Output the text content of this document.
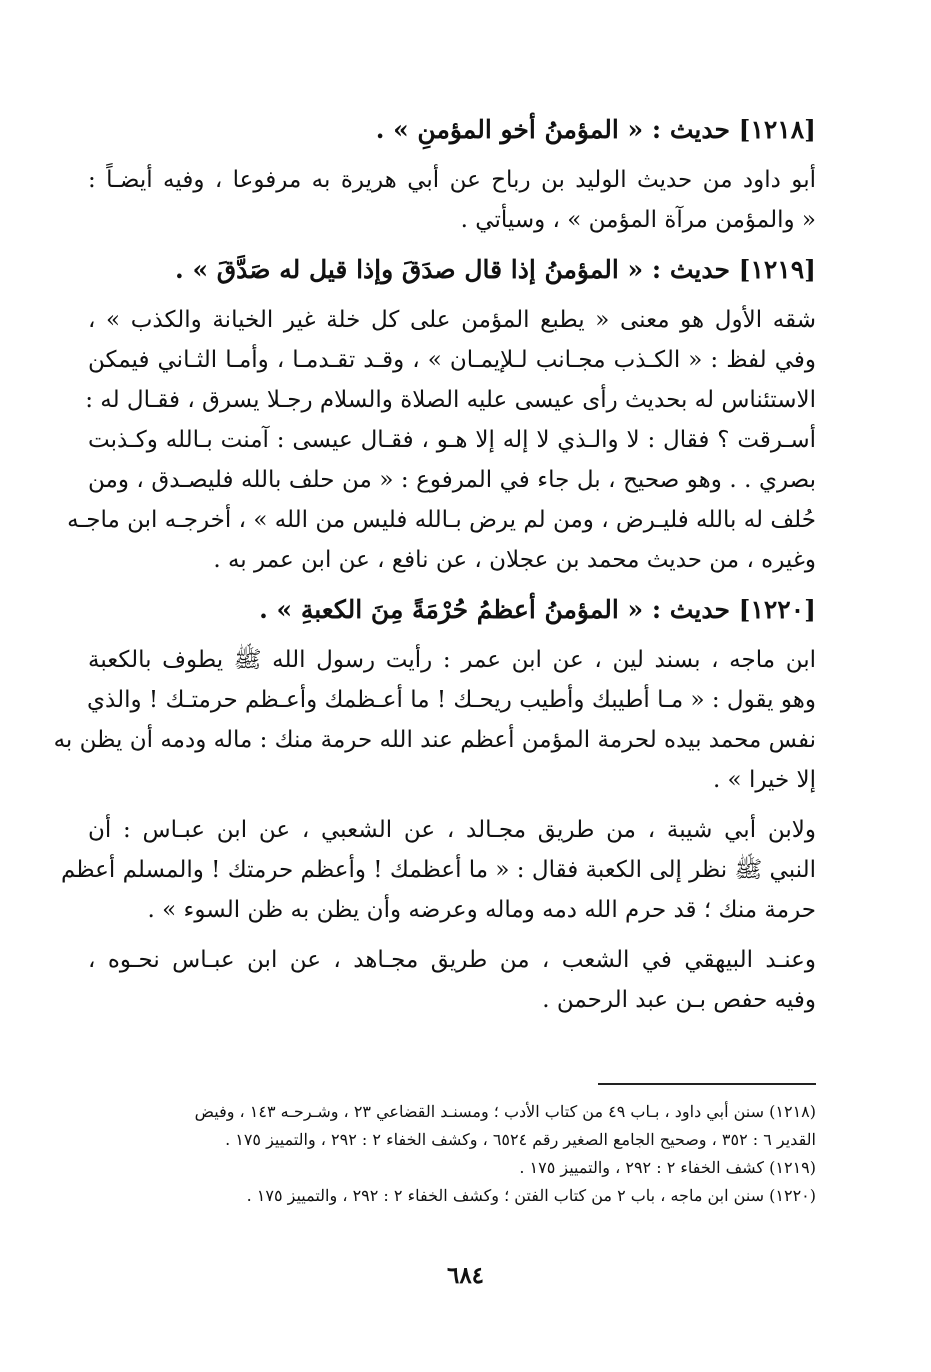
[١٢١٨] حديث : « المؤمنُ أخو المؤمنِ » .
أبو داود من حديث الوليد بن رباح عن أبي هريرة به مرفوعا ، وفيه أيضـاً :
« والمؤمن مرآة المؤمن » ، وسيأتي .
[١٢١٩] حديث : « المؤمنُ إذا قال صدَقَ وإذا قيل له صَدَّقَ » .
شقه الأول هو معنى « يطبع المؤمن على كل خلة غير الخيانة والكذب » ،
وفي لفظ : « الكـذب مجـانب لـلإيمـان » ، وقـد تقـدمـا ، وأمـا الثـاني فيمكن
الاستئناس له بحديث رأى عيسى عليه الصلاة والسلام رجـلا يسرق ، فقـال له :
أسـرقت ؟ فقال : لا والـذي لا إله إلا هـو ، فقـال عيسى : آمنت بـالله وكـذبت
بصري . . وهو صحيح ، بل جاء في المرفوع : « من حلف بالله فليصـدق ، ومن
حُلف له بالله فليـرض ، ومن لم يرض بـالله فليس من الله » ، أخرجـه ابن ماجـه
وغيره ، من حديث محمد بن عجلان ، عن نافع ، عن ابن عمر به .
[١٢٢٠] حديث : « المؤمنُ أعظمُ حُرْمَةً مِنَ الكعبةِ » .
ابن ماجه ، بسند لين ، عن ابن عمر : رأيت رسول الله ﷺ يطوف بالكعبة
وهو يقول : « مـا أطيبك وأطيب ريحـك ! ما أعـظمك وأعـظم حرمتـك ! والذي
نفس محمد بيده لحرمة المؤمن أعظم عند الله حرمة منك : ماله ودمه أن يظن به
إلا خيرا » .
ولابن أبي شيبة ، من طريق مجـالد ، عن الشعبي ، عن ابن عبـاس : أن
النبي ﷺ نظر إلى الكعبة فقال : « ما أعظمك ! وأعظم حرمتك ! والمسلم أعظم
حرمة منك ؛ قد حرم الله دمه وماله وعرضه وأن يظن به ظن السوء » .
وعنـد البيهقي في الشعب ، من طريق مجـاهد ، عن ابن عبـاس نحـوه ،
وفيه حفص بـن عبد الرحمن .
(١٢١٨) سنن أبي داود ، بـاب ٤٩ من كتاب الأدب ؛ ومسنـد القضاعي ٢٣ ، وشـرحـه ١٤٣ ، وفيض
القدير ٦ : ٣٥٢ ، وصحيح الجامع الصغير رقم ٦٥٢٤ ، وكشف الخفاء ٢ : ٢٩٢ ، والتمييز ١٧٥ .
(١٢١٩) كشف الخفاء ٢ : ٢٩٢ ، والتمييز ١٧٥ .
(١٢٢٠) سنن ابن ماجه ، باب ٢ من كتاب الفتن ؛ وكشف الخفاء ٢ : ٢٩٢ ، والتمييز ١٧٥ .
٦٨٤
